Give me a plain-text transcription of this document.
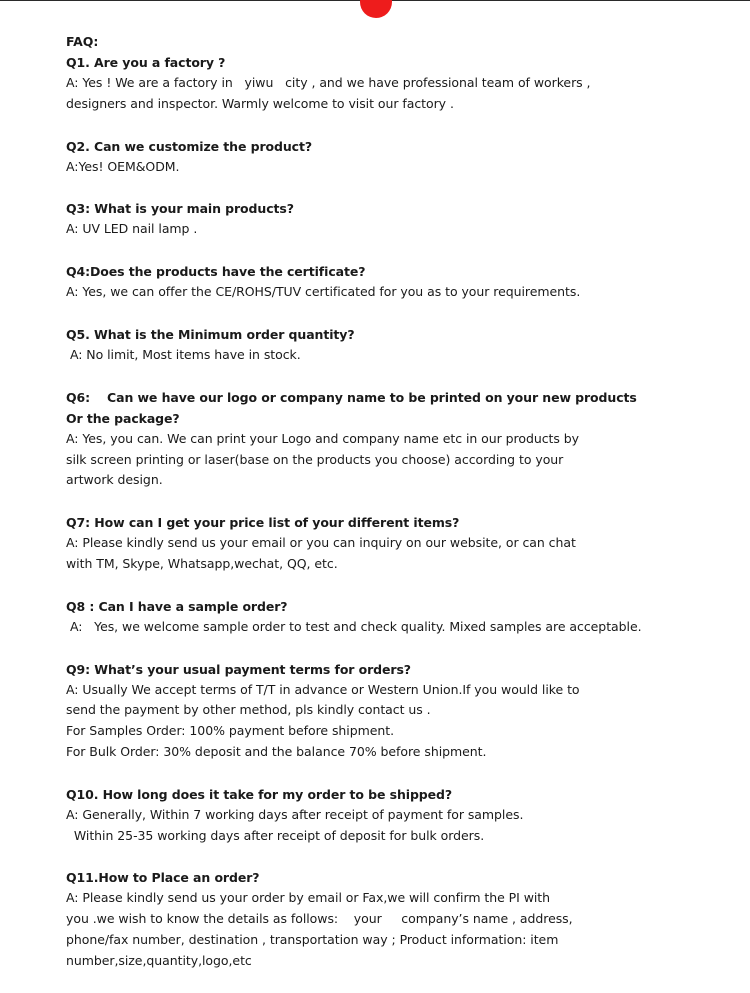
FAQ:
Q1. Are you a factory ?
A: Yes ! We are a factory in   yiwu   city , and we have professional team of workers ,
designers and inspector. Warmly welcome to visit our factory .
Q2. Can we customize the product?
A:Yes! OEM&ODM.
Q3: What is your main products?
A: UV LED nail lamp .
Q4:Does the products have the certificate?
A: Yes, we can offer the CE/ROHS/TUV certificated for you as to your requirements.
Q5. What is the Minimum order quantity?
A: No limit, Most items have in stock.
Q6:    Can we have our logo or company name to be printed on your new products
Or the package?
A: Yes, you can. We can print your Logo and company name etc in our products by
silk screen printing or laser(base on the products you choose) according to your
artwork design.
Q7: How can I get your price list of your different items?
A: Please kindly send us your email or you can inquiry on our website, or can chat
with TM, Skype, Whatsapp,wechat, QQ, etc.
Q8 : Can I have a sample order?
A:   Yes, we welcome sample order to test and check quality. Mixed samples are acceptable.
Q9: What’s your usual payment terms for orders?
A: Usually We accept terms of T/T in advance or Western Union.If you would like to
send the payment by other method, pls kindly contact us .
For Samples Order: 100% payment before shipment.
For Bulk Order: 30% deposit and the balance 70% before shipment.
Q10. How long does it take for my order to be shipped?
A: Generally, Within 7 working days after receipt of payment for samples.
Within 25-35 working days after receipt of deposit for bulk orders.
Q11.How to Place an order?
A: Please kindly send us your order by email or Fax,we will confirm the PI with
you .we wish to know the details as follows:    your     company’s name , address,
phone/fax number, destination , transportation way ; Product information: item
number,size,quantity,logo,etc
